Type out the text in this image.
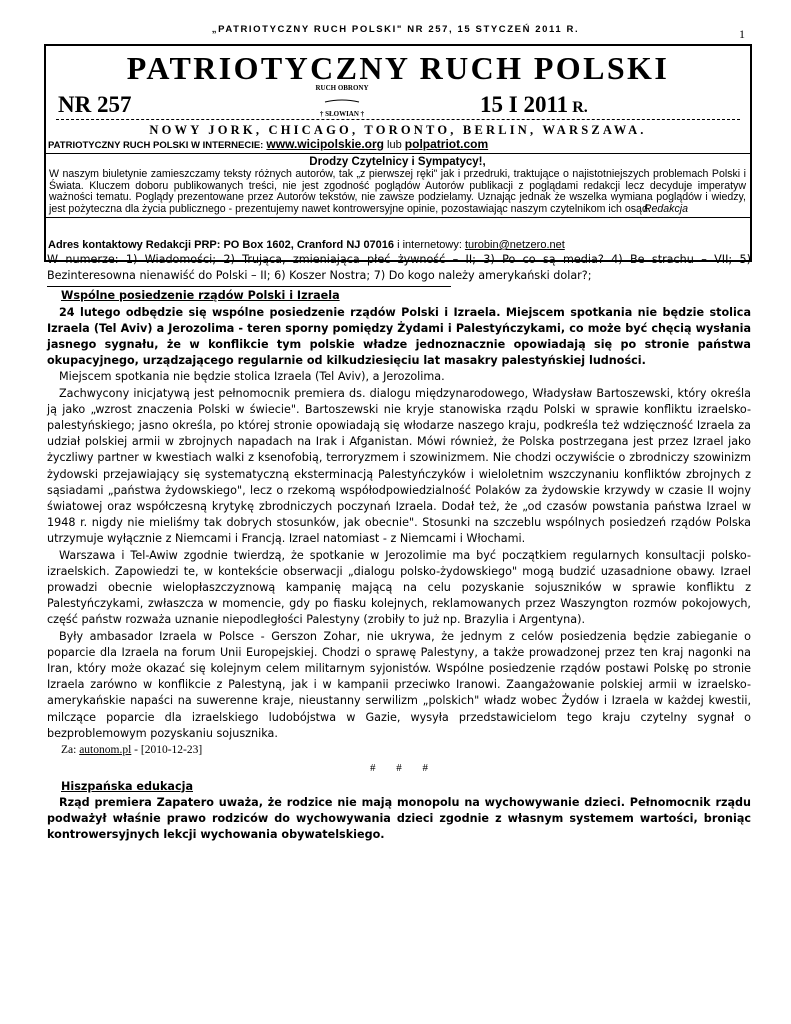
„PATRIOTYCZNY RUCH POLSKI" NR 257, 15 STYCZEŃ 2011 R.	1
PATRIOTYCZNY RUCH POLSKI
NR 257
RUCH OBRONY
† SŁOWIAN †	15 I 2011 R.
NOWY JORK, CHICAGO, TORONTO, BERLIN, WARSZAWA.
PATRIOTYCZNY RUCH POLSKI W INTERNECIE: www.wicipolskie.org lub polpatriot.com
Drodzy Czytelnicy i Sympatycy!,
W naszym biuletynie zamieszczamy teksty różnych autorów, tak „z pierwszej ręki" jak i przedruki, traktujące o najistotniejszych problemach Polski i Świata. Kluczem doboru publikowanych treści, nie jest zgodność poglądów Autorów publikacji z poglądami redakcji lecz decyduje imperatyw ważności tematu. Poglądy prezentowane przez Autorów tekstów, nie zawsze podzielamy. Uznając jednak że wszelka wymiana poglądów i wiedzy, jest pożyteczna dla życia publicznego - prezentujemy nawet kontrowersyjne opinie, pozostawiając naszym czytelnikom ich osąd.
Redakcja
Adres kontaktowy Redakcji PRP: PO Box 1602, Cranford NJ 07016 i internetowy: turobin@netzero.net
W numerze: 1) Wiadomości; 2) Trująca, zmieniająca płeć żywność – II; 3) Po co są media? 4) Be strachu – VII; 5) Bezinteresowna nienawiść do Polski – II; 6) Koszer Nostra; 7) Do kogo należy amerykański dolar?;
Wspólne posiedzenie rządów Polski i Izraela

24 lutego odbędzie się wspólne posiedzenie rządów Polski i Izraela. Miejscem spotkania nie będzie stolica Izraela (Tel Aviv) a Jerozolima - teren sporny pomiędzy Żydami i Palestyńczykami, co może być chęcią wysłania jasnego sygnału, że w konflikcie tym polskie władze jednoznacznie opowiadają się po stronie państwa okupacyjnego, urządzającego regularnie od kilkudziesięciu lat masakry palestyńskiej ludności.

Miejscem spotkania nie będzie stolica Izraela (Tel Aviv), a Jerozolima.

Zachwycony inicjatywą jest pełnomocnik premiera ds. dialogu międzynarodowego, Władysław Bartoszewski, który określa ją jako „wzrost znaczenia Polski w świecie". Bartoszewski nie kryje stanowiska rządu Polski w sprawie konfliktu izraelsko-palestyńskiego; jasno określa, po której stronie opowiadają się włodarze naszego kraju, podkreśla też wdzięczność Izraela za udział polskiej armii w zbrojnych napadach na Irak i Afganistan. Mówi również, że Polska postrzegana jest przez Izrael jako życzliwy partner w kwestiach walki z ksenofobią, terroryzmem i szowinizmem. Nie chodzi oczywiście o zbrodniczy szowinizm żydowski przejawiający się systematyczną eksterminacją Palestyńczyków i wieloletnim wszczynaniu konfliktów zbrojnych z sąsiadami „państwa żydowskiego", lecz o rzekomą współodpowiedzialność Polaków za żydowskie krzywdy w czasie II wojny światowej oraz współczesną krytykę zbrodniczych poczynań Izraela. Dodał też, że „od czasów powstania państwa Izrael w 1948 r. nigdy nie mieliśmy tak dobrych stosunków, jak obecnie". Stosunki na szczeblu wspólnych posiedzeń rządów Polska utrzymuje wyłącznie z Niemcami i Francją. Izrael natomiast - z Niemcami i Włochami.

Warszawa i Tel-Awiw zgodnie twierdzą, że spotkanie w Jerozolimie ma być początkiem regularnych konsultacji polsko-izraelskich. Zapowiedzi te, w kontekście obserwacji „dialogu polsko-żydowskiego" mogą budzić uzasadnione obawy. Izrael prowadzi obecnie wielopłaszczyznową kampanię mającą na celu pozyskanie sojuszników w sprawie konfliktu z Palestyńczykami, zwłaszcza w momencie, gdy po fiasku kolejnych, reklamowanych przez Waszyngton rozmów pokojowych, część państw rozważa uznanie niepodległości Palestyny (zrobiły to już np. Brazylia i Argentyna).

Były ambasador Izraela w Polsce - Gerszon Zohar, nie ukrywa, że jednym z celów posiedzenia będzie zabieganie o poparcie dla Izraela na forum Unii Europejskiej. Chodzi o sprawę Palestyny, a także prowadzonej przez ten kraj nagonki na Iran, który może okazać się kolejnym celem militarnym syjonistów. Wspólne posiedzenie rządów postawi Polskę po stronie Izraela zarówno w konflikcie z Palestyną, jak i w kampanii przeciwko Iranowi. Zaangażowanie polskiej armii w izraelsko-amerykańskie napaści na suwerenne kraje, nieustanny serwilizm „polskich" władz wobec Żydów i Izraela w każdej kwestii, milczące poparcie dla izraelskiego ludobójstwa w Gazie, wysyła przedstawicielom tego kraju czytelny sygnał o bezproblemowym pozyskaniu sojusznika.

Za: autonom.pl - [2010-12-23]
# # #
Hiszpańska edukacja

Rząd premiera Zapatero uważa, że rodzice nie mają monopolu na wychowywanie dzieci. Pełnomocnik rządu podważył właśnie prawo rodziców do wychowywania dzieci zgodnie z własnym systemem wartości, broniąc kontrowersyjnych lekcji wychowania obywatelskiego.
